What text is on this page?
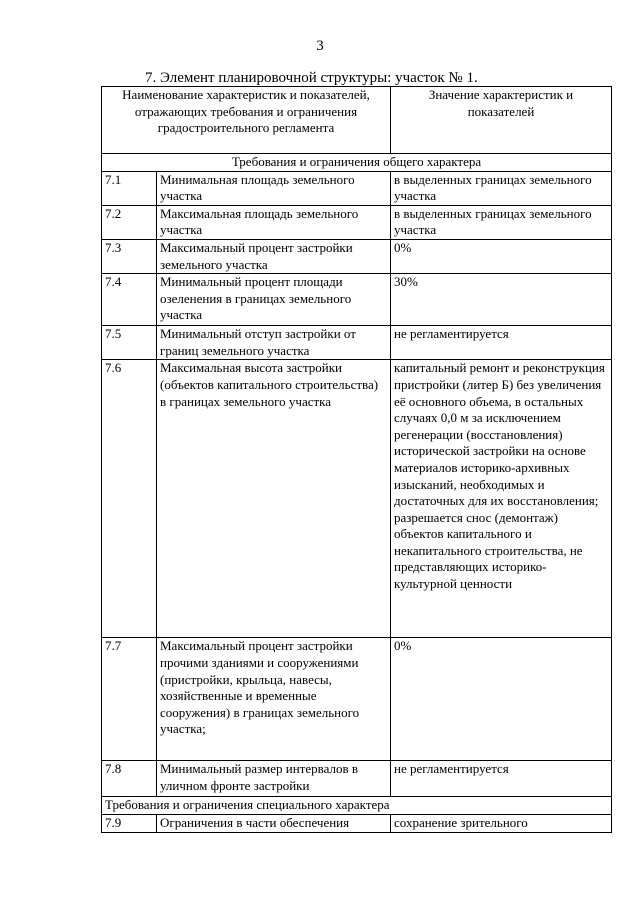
3
7. Элемент планировочной структуры: участок № 1.
Наименование характеристик и показателей, отражающих требования и ограничения градостроительного регламента		Значение характеристик и показателей
Требования и ограничения общего характера		
7.1	Минимальная площадь земельного участка	в выделенных границах земельного участка
7.2	Максимальная площадь земельного участка	в выделенных границах земельного участка
7.3	Максимальный процент застройки земельного участка	0%
7.4	Минимальный процент площади озеленения в границах земельного участка	30%
7.5	Минимальный отступ застройки от границ земельного участка	не регламентируется
7.6	Максимальная высота застройки (объектов капитального строительства) в границах земельного участка	капитальный ремонт и реконструкция пристройки (литер Б) без увеличения её основного объема, в остальных случаях 0,0 м за исключением регенерации (восстановления) исторической застройки на основе материалов историко-архивных изысканий, необходимых и достаточных для их восстановления; разрешается снос (демонтаж) объектов капитального и некапитального строительства, не представляющих историко-культурной ценности
7.7	Максимальный процент застройки прочими зданиями и сооружениями (пристройки, крыльца, навесы, хозяйственные и временные сооружения) в границах земельного участка;	0%
7.8	Минимальный размер интервалов в уличном фронте застройки	не регламентируется
Требования и ограничения специального характера		
7.9	Ограничения в части обеспечения	сохранение зрительного
